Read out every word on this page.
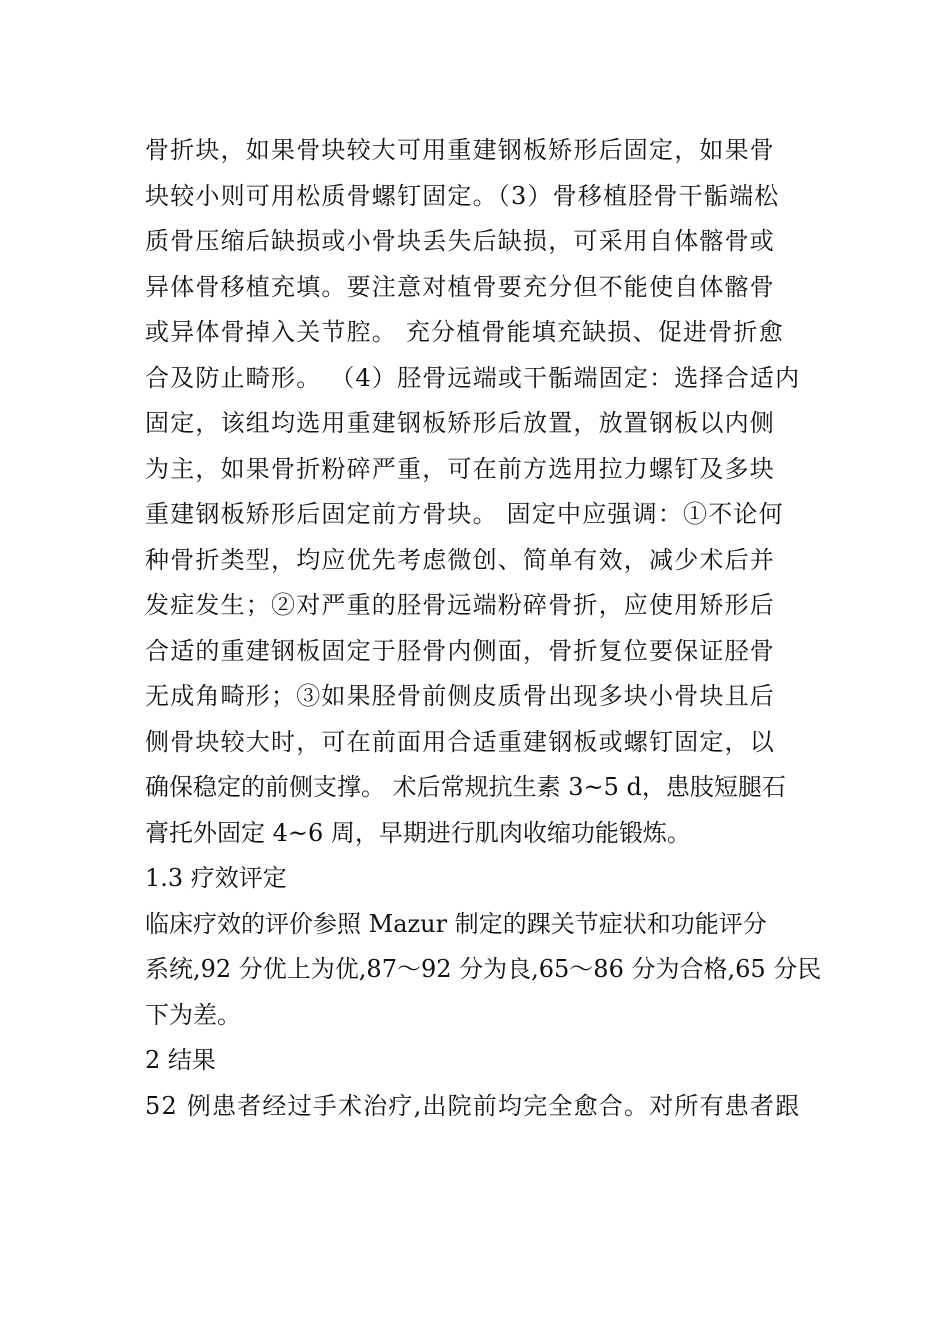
骨折块，如果骨块较大可用重建钢板矫形后固定，如果骨
块较小则可用松质骨螺钉固定。（3）骨移植胫骨干骺端松
质骨压缩后缺损或小骨块丢失后缺损，可采用自体髂骨或
异体骨移植充填。要注意对植骨要充分但不能使自体髂骨
或异体骨掉入关节腔。 充分植骨能填充缺损、促进骨折愈
合及防止畸形。 （4）胫骨远端或干骺端固定：选择合适内
固定，该组均选用重建钢板矫形后放置，放置钢板以内侧
为主，如果骨折粉碎严重，可在前方选用拉力螺钉及多块
重建钢板矫形后固定前方骨块。 固定中应强调：①不论何
种骨折类型，均应优先考虑微创、简单有效，减少术后并
发症发生；②对严重的胫骨远端粉碎骨折，应使用矫形后
合适的重建钢板固定于胫骨内侧面，骨折复位要保证胫骨
无成角畸形；③如果胫骨前侧皮质骨出现多块小骨块且后
侧骨块较大时，可在前面用合适重建钢板或螺钉固定，以
确保稳定的前侧支撑。 术后常规抗生素 3~5 d，患肢短腿石
膏托外固定 4~6 周，早期进行肌肉收缩功能锻炼。
1.3 疗效评定
临床疗效的评价参照 Mazur 制定的踝关节症状和功能评分
系统,92 分优上为优,87～92 分为良,65～86 分为合格,65 分民
下为差。
2 结果
52 例患者经过手术治疗,出院前均完全愈合。对所有患者跟
